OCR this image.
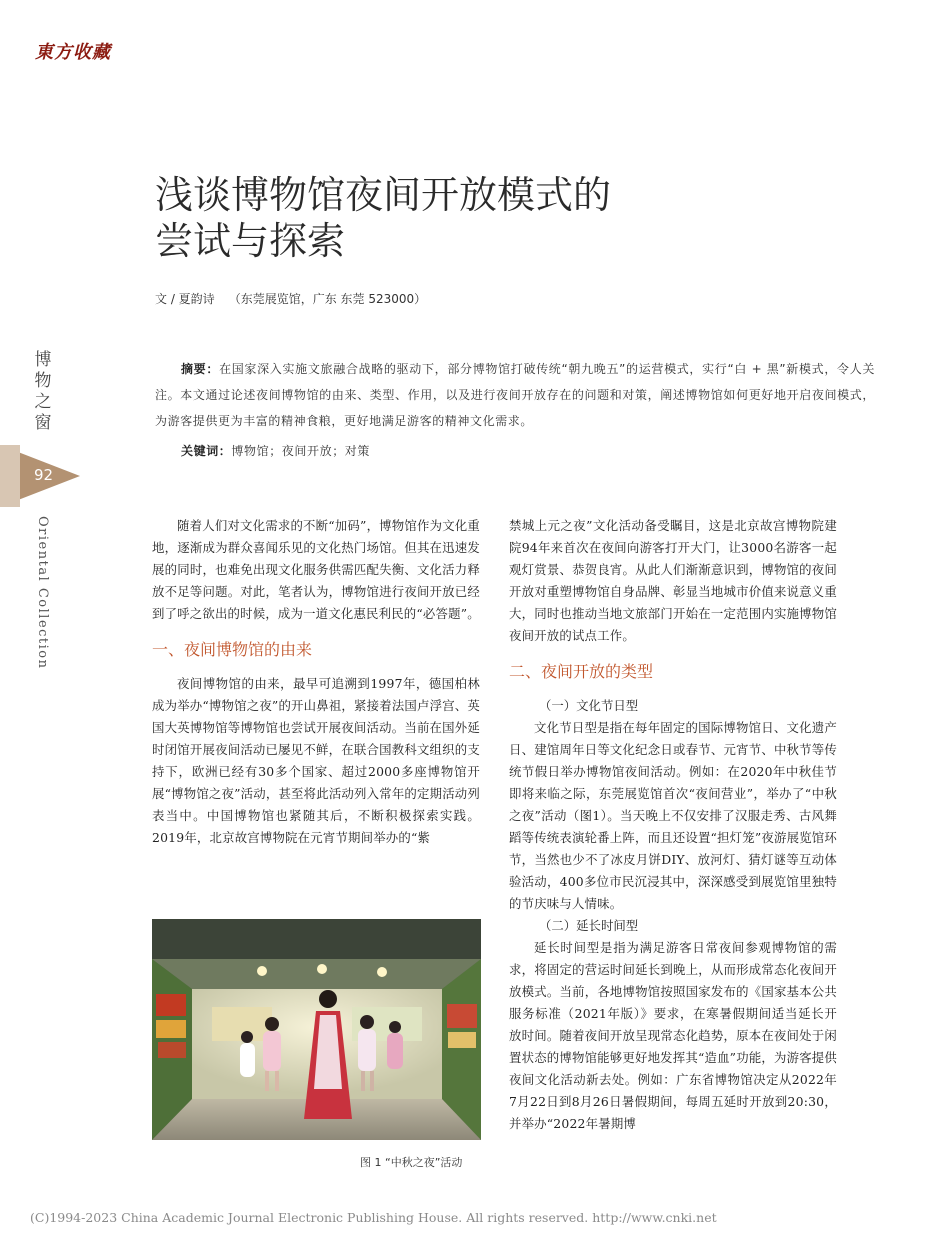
東方收藏
浅谈博物馆夜间开放模式的
尝试与探索
文 / 夏韵诗 （东莞展览馆，广东 东莞 523000）

摘要：在国家深入实施文旅融合战略的驱动下，部分博物馆打破传统“朝九晚五”的运营模式，实行“白 + 黑”新模式，令人关注。本文通过论述夜间博物馆的由来、类型、作用，以及进行夜间开放存在的问题和对策，阐述博物馆如何更好地开启夜间模式，为游客提供更为丰富的精神食粮，更好地满足游客的精神文化需求。

关键词：博物馆；夜间开放；对策

博
物
之
窗
92
Oriental Collection	随着人们对文化需求的不断“加码”，博物馆作为文化重地，逐渐成为群众喜闻乐见的文化热门场馆。但其在迅速发展的同时，也难免出现文化服务供需匹配失衡、文化活力释放不足等问题。对此，笔者认为，博物馆进行夜间开放已经到了呼之欲出的时候，成为一道文化惠民利民的“必答题”。

一、夜间博物馆的由来

夜间博物馆的由来，最早可追溯到1997年，德国柏林成为举办“博物馆之夜”的开山鼻祖，紧接着法国卢浮宫、英国大英博物馆等博物馆也尝试开展夜间活动。当前在国外延时闭馆开展夜间活动已屡见不鲜，在联合国教科文组织的支持下，欧洲已经有30多个国家、超过2000多座博物馆开展“博物馆之夜”活动，甚至将此活动列入常年的定期活动列表当中。中国博物馆也紧随其后，不断积极探索实践。2019年，北京故宫博物院在元宵节期间举办的“紫

禁城上元之夜”文化活动备受瞩目，这是北京故宫博物院建院94年来首次在夜间向游客打开大门，让3000名游客一起观灯赏景、恭贺良宵。从此人们渐渐意识到，博物馆的夜间开放对重塑博物馆自身品牌、彰显当地城市价值来说意义重大，同时也推动当地文旅部门开始在一定范围内实施博物馆夜间开放的试点工作。

二、夜间开放的类型
（一）文化节日型

文化节日型是指在每年固定的国际博物馆日、文化遗产日、建馆周年日等文化纪念日或春节、元宵节、中秋节等传统节假日举办博物馆夜间活动。例如：在2020年中秋佳节即将来临之际，东莞展览馆首次“夜间营业”，举办了“中秋之夜”活动（图1）。当天晚上不仅安排了汉服走秀、古风舞蹈等传统表演轮番上阵，而且还设置“担灯笼”夜游展览馆环节，当然也少不了冰皮月饼DIY、放河灯、猜灯谜等互动体验活动，400多位市民沉浸其中，深深感受到展览馆里独特的节庆味与人情味。

（二）延长时间型

延长时间型是指为满足游客日常夜间参观博物馆的需求，将固定的营运时间延长到晚上，从而形成常态化夜间开放模式。当前，各地博物馆按照国家发布的《国家基本公共服务标准（2021年版）》要求，在寒暑假期间适当延长开放时间。随着夜间开放呈现常态化趋势，原本在夜间处于闲置状态的博物馆能够更好地发挥其“造血”功能，为游客提供夜间文化活动新去处。例如：广东省博物馆决定从2022年7月22日到8月26日暑假期间，每周五延时开放到20:30，并举办“2022年暑期博

图 1 “中秋之夜”活动
(C)1994-2023 China Academic Journal Electronic Publishing House. All rights reserved. http://www.cnki.net
